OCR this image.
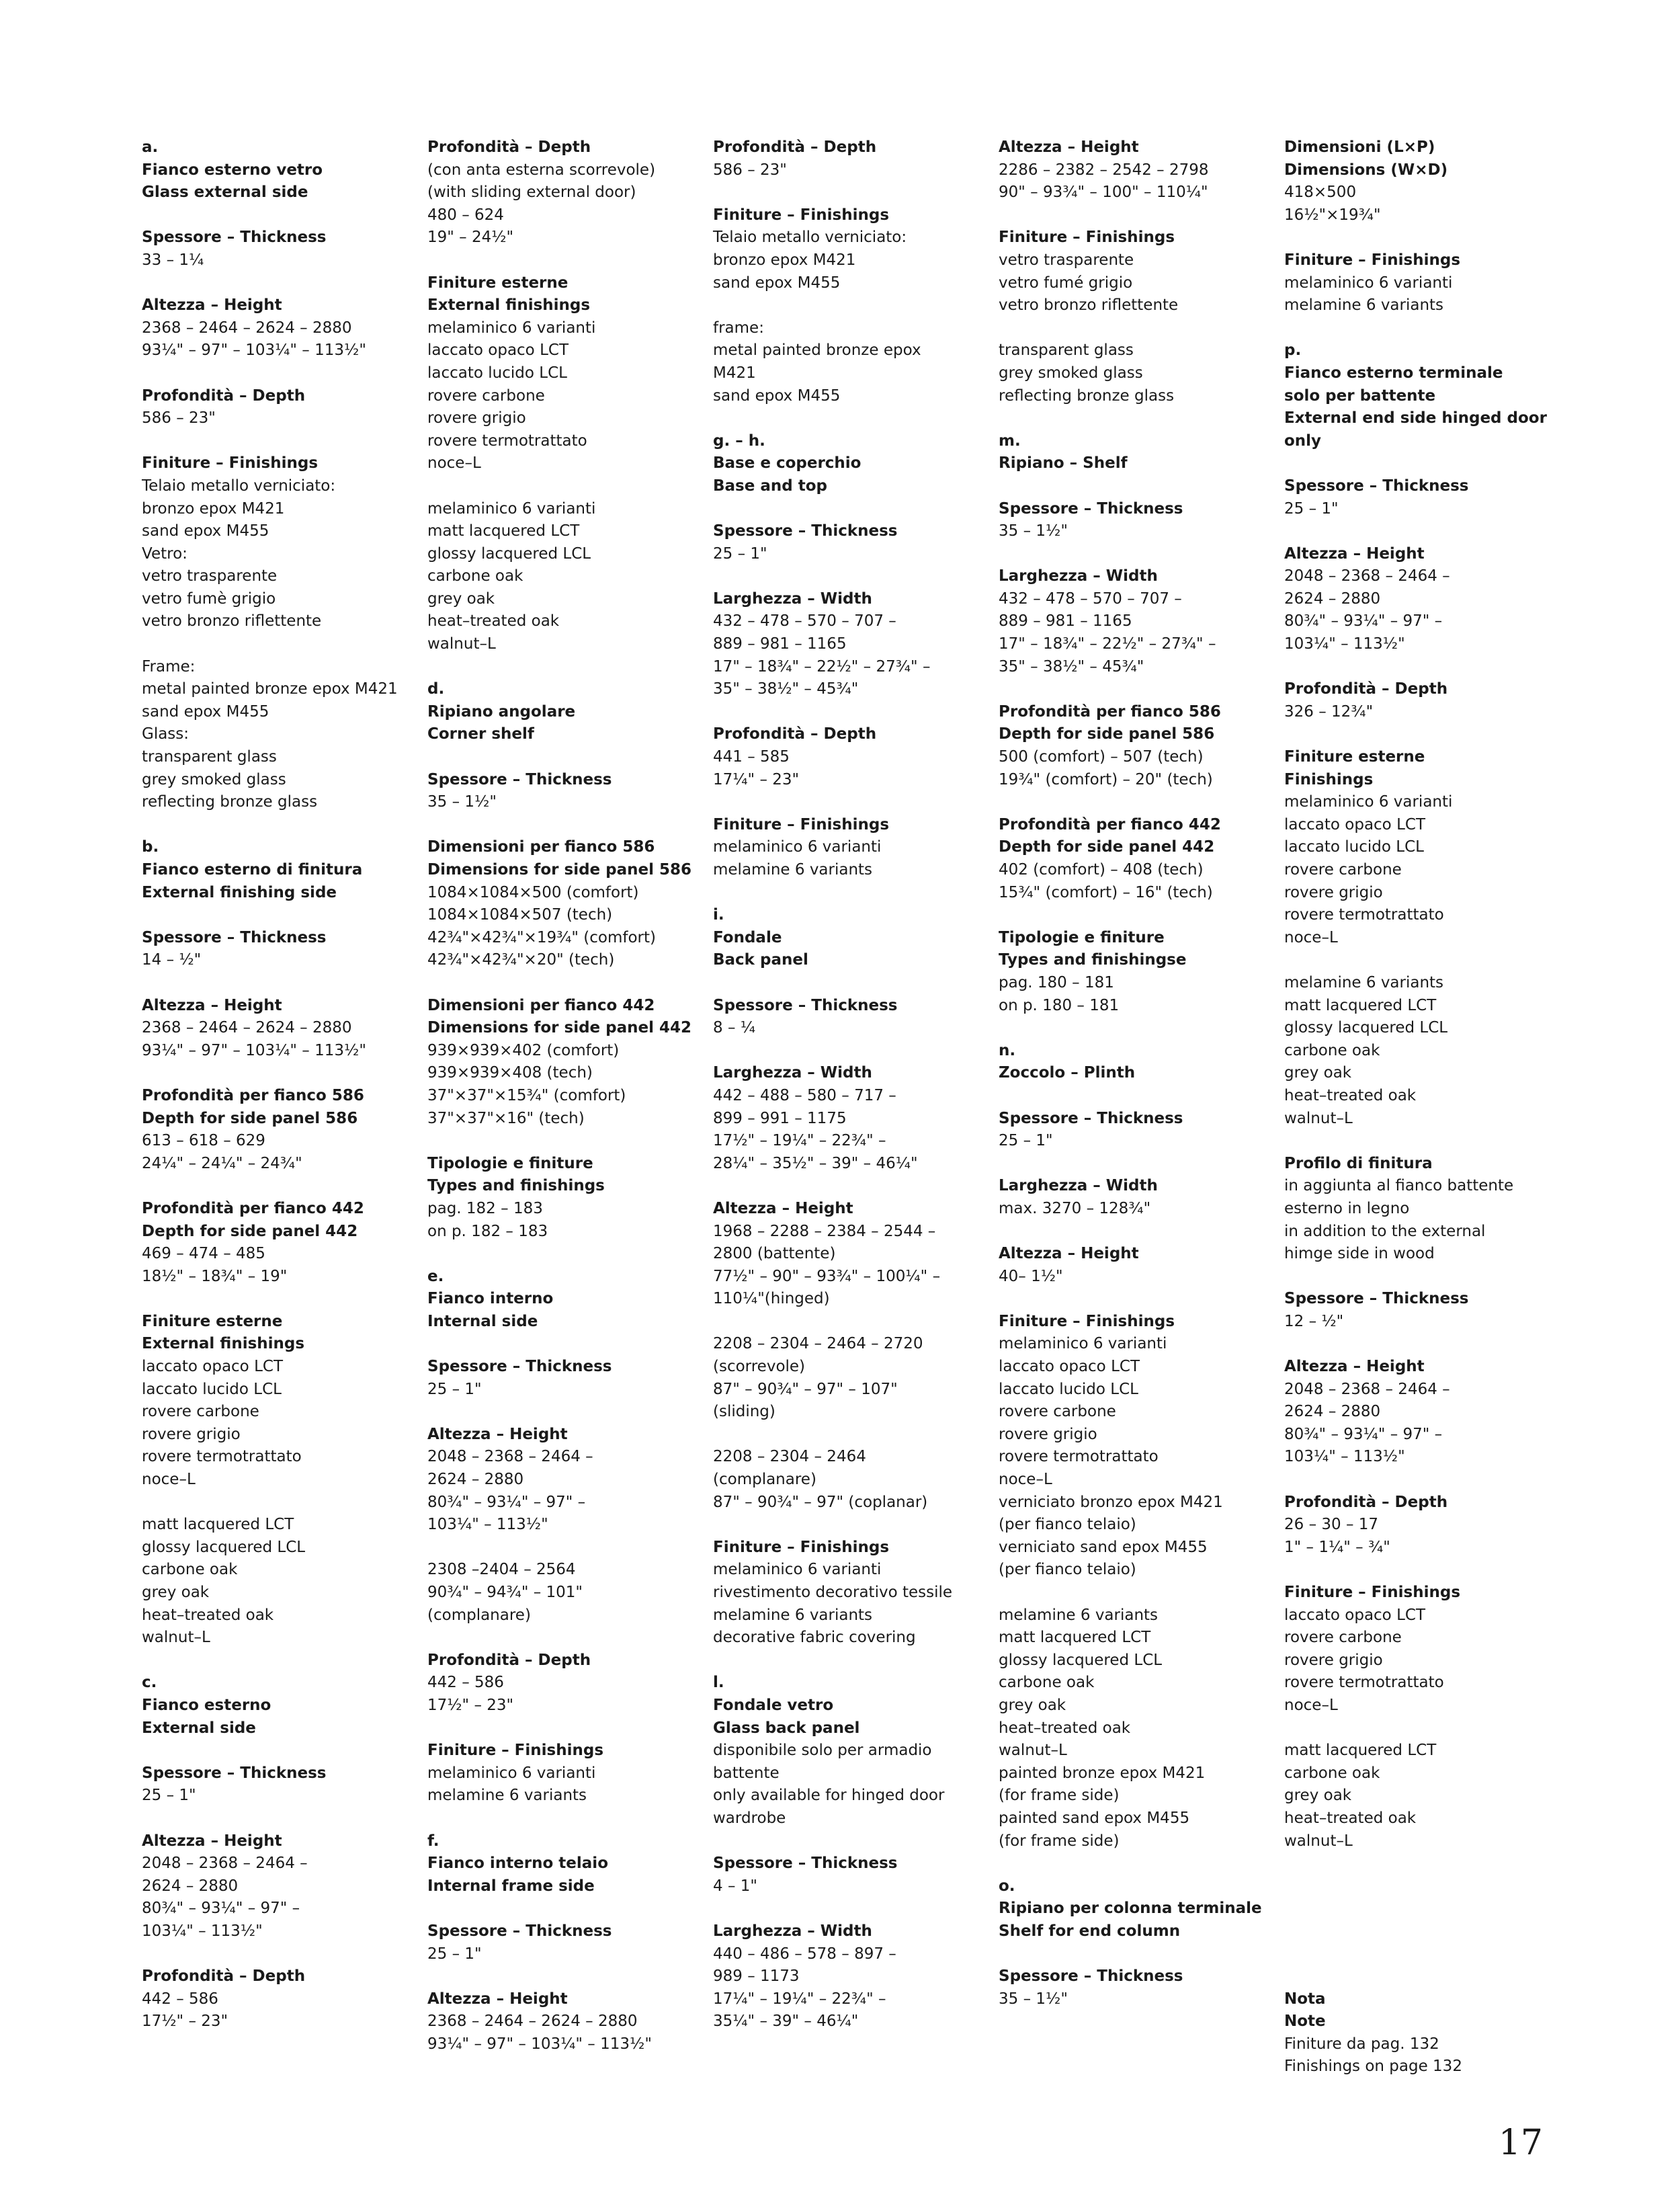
a.
Fianco esterno vetro
Glass external side
Spessore – Thickness
33 – 1¼
Altezza – Height
2368 – 2464 – 2624 – 2880
93¼" – 97" – 103¼" – 113½"
Profondità – Depth
586 – 23"
Finiture – Finishings
Telaio metallo verniciato:
bronzo epox M421
sand epox M455
Vetro:
vetro trasparente
vetro fumè grigio
vetro bronzo riflettente
Frame:
metal painted bronze epox M421
sand epox M455
Glass:
transparent glass
grey smoked glass
reflecting bronze glass
b.
Fianco esterno di finitura
External finishing side
Spessore – Thickness
14 – ½"
Altezza – Height
2368 – 2464 – 2624 – 2880
93¼" – 97" – 103¼" – 113½"
Profondità per fianco 586
Depth for side panel 586
613 – 618 – 629
24¼" – 24¼" – 24¾"
Profondità per fianco 442
Depth for side panel 442
469 – 474 – 485
18½" – 18¾" – 19"
Finiture esterne
External finishings
laccato opaco LCT
laccato lucido LCL
rovere carbone
rovere grigio
rovere termotrattato
noce–L
matt lacquered LCT
glossy lacquered LCL
carbone oak
grey oak
heat–treated oak
walnut–L
c.
Fianco esterno
External side
Spessore – Thickness
25 – 1"
Altezza – Height
2048 – 2368 – 2464 –
2624 – 2880
80¾" – 93¼" – 97" –
103¼" – 113½"
Profondità – Depth
442 – 586
17½" – 23"
Profondità – Depth
(con anta esterna scorrevole)
(with sliding external door)
480 – 624
19" – 24½"
Finiture esterne
External finishings
melaminico 6 varianti
laccato opaco LCT
laccato lucido LCL
rovere carbone
rovere grigio
rovere termotrattato
noce–L
melaminico 6 varianti
matt lacquered LCT
glossy lacquered LCL
carbone oak
grey oak
heat–treated oak
walnut–L
d.
Ripiano angolare
Corner shelf
Spessore – Thickness
35 – 1½"
Dimensioni per fianco 586
Dimensions for side panel 586
1084×1084×500 (comfort)
1084×1084×507 (tech)
42¾"×42¾"×19¾" (comfort)
42¾"×42¾"×20" (tech)
Dimensioni per fianco 442
Dimensions for side panel 442
939×939×402 (comfort)
939×939×408 (tech)
37"×37"×15¾" (comfort)
37"×37"×16" (tech)
Tipologie e finiture
Types and finishings
pag. 182 – 183
on p. 182 – 183
e.
Fianco interno
Internal side
Spessore – Thickness
25 – 1"
Altezza – Height
2048 – 2368 – 2464 –
2624 – 2880
80¾" – 93¼" – 97" –
103¼" – 113½"
2308 –2404 – 2564
90¾" – 94¾" – 101"
(complanare)
Profondità – Depth
442 – 586
17½" – 23"
Finiture – Finishings
melaminico 6 varianti
melamine 6 variants
f.
Fianco interno telaio
Internal frame side
Spessore – Thickness
25 – 1"
Altezza – Height
2368 – 2464 – 2624 – 2880
93¼" – 97" – 103¼" – 113½"
Profondità – Depth
586 – 23"
Finiture – Finishings
Telaio metallo verniciato:
bronzo epox M421
sand epox M455
frame:
metal painted bronze epox
M421
sand epox M455
g. – h.
Base e coperchio
Base and top
Spessore – Thickness
25 – 1"
Larghezza – Width
432 – 478 – 570 – 707 –
889 – 981 – 1165
17" – 18¾" – 22½" – 27¾" –
35" – 38½" – 45¾"
Profondità – Depth
441 – 585
17¼" – 23"
Finiture – Finishings
melaminico 6 varianti
melamine 6 variants
i.
Fondale
Back panel
Spessore – Thickness
8 – ¼
Larghezza – Width
442 – 488 – 580 – 717 –
899 – 991 – 1175
17½" – 19¼" – 22¾" –
28¼" – 35½" – 39" – 46¼"
Altezza – Height
1968 – 2288 – 2384 – 2544 –
2800 (battente)
77½" – 90" – 93¾" – 100¼" –
110¼"(hinged)
2208 – 2304 – 2464 – 2720
(scorrevole)
87" – 90¾" – 97" – 107"
(sliding)
2208 – 2304 – 2464
(complanare)
87" – 90¾" – 97" (coplanar)
Finiture – Finishings
melaminico 6 varianti
rivestimento decorativo tessile
melamine 6 variants
decorative fabric covering
l.
Fondale vetro
Glass back panel
disponibile solo per armadio
battente
only available for hinged door
wardrobe
Spessore – Thickness
4 – 1"
Larghezza – Width
440 – 486 – 578 – 897 –
989 – 1173
17¼" – 19¼" – 22¾" –
35¼" – 39" – 46¼"
Altezza – Height
2286 – 2382 – 2542 – 2798
90" – 93¾" – 100" – 110¼"
Finiture – Finishings
vetro trasparente
vetro fumé grigio
vetro bronzo riflettente
transparent glass
grey smoked glass
reflecting bronze glass
m.
Ripiano – Shelf
Spessore – Thickness
35 – 1½"
Larghezza – Width
432 – 478 – 570 – 707 –
889 – 981 – 1165
17" – 18¾" – 22½" – 27¾" –
35" – 38½" – 45¾"
Profondità per fianco 586
Depth for side panel 586
500 (comfort) – 507 (tech)
19¾" (comfort) – 20" (tech)
Profondità per fianco 442
Depth for side panel 442
402 (comfort) – 408 (tech)
15¾" (comfort) – 16" (tech)
Tipologie e finiture
Types and finishingse
pag. 180 – 181
on p. 180 – 181
n.
Zoccolo – Plinth
Spessore – Thickness
25 – 1"
Larghezza – Width
max. 3270 – 128¾"
Altezza – Height
40– 1½"
Finiture – Finishings
melaminico 6 varianti
laccato opaco LCT
laccato lucido LCL
rovere carbone
rovere grigio
rovere termotrattato
noce–L
verniciato bronzo epox M421
(per fianco telaio)
verniciato sand epox M455
(per fianco telaio)
melamine 6 variants
matt lacquered LCT
glossy lacquered LCL
carbone oak
grey oak
heat–treated oak
walnut–L
painted bronze epox M421
(for frame side)
painted sand epox M455
(for frame side)
o.
Ripiano per colonna terminale
Shelf for end column
Spessore – Thickness
35 – 1½"
Dimensioni (L×P)
Dimensions (W×D)
418×500
16½"×19¾"
Finiture – Finishings
melaminico 6 varianti
melamine 6 variants
p.
Fianco esterno terminale
solo per battente
External end side hinged door
only
Spessore – Thickness
25 – 1"
Altezza – Height
2048 – 2368 – 2464 –
2624 – 2880
80¾" – 93¼" – 97" –
103¼" – 113½"
Profondità – Depth
326 – 12¾"
Finiture esterne
Finishings
melaminico 6 varianti
laccato opaco LCT
laccato lucido LCL
rovere carbone
rovere grigio
rovere termotrattato
noce–L
melamine 6 variants
matt lacquered LCT
glossy lacquered LCL
carbone oak
grey oak
heat–treated oak
walnut–L
Profilo di finitura
in aggiunta al fianco battente
esterno in legno
in addition to the external
himge side in wood
Spessore – Thickness
12 – ½"
Altezza – Height
2048 – 2368 – 2464 –
2624 – 2880
80¾" – 93¼" – 97" –
103¼" – 113½"
Profondità – Depth
26 – 30 – 17
1" – 1¼" – ¾"
Finiture – Finishings
laccato opaco LCT
rovere carbone
rovere grigio
rovere termotrattato
noce–L
matt lacquered LCT
carbone oak
grey oak
heat–treated oak
walnut–L
Nota
Note
Finiture da pag. 132
Finishings on page 132
17
